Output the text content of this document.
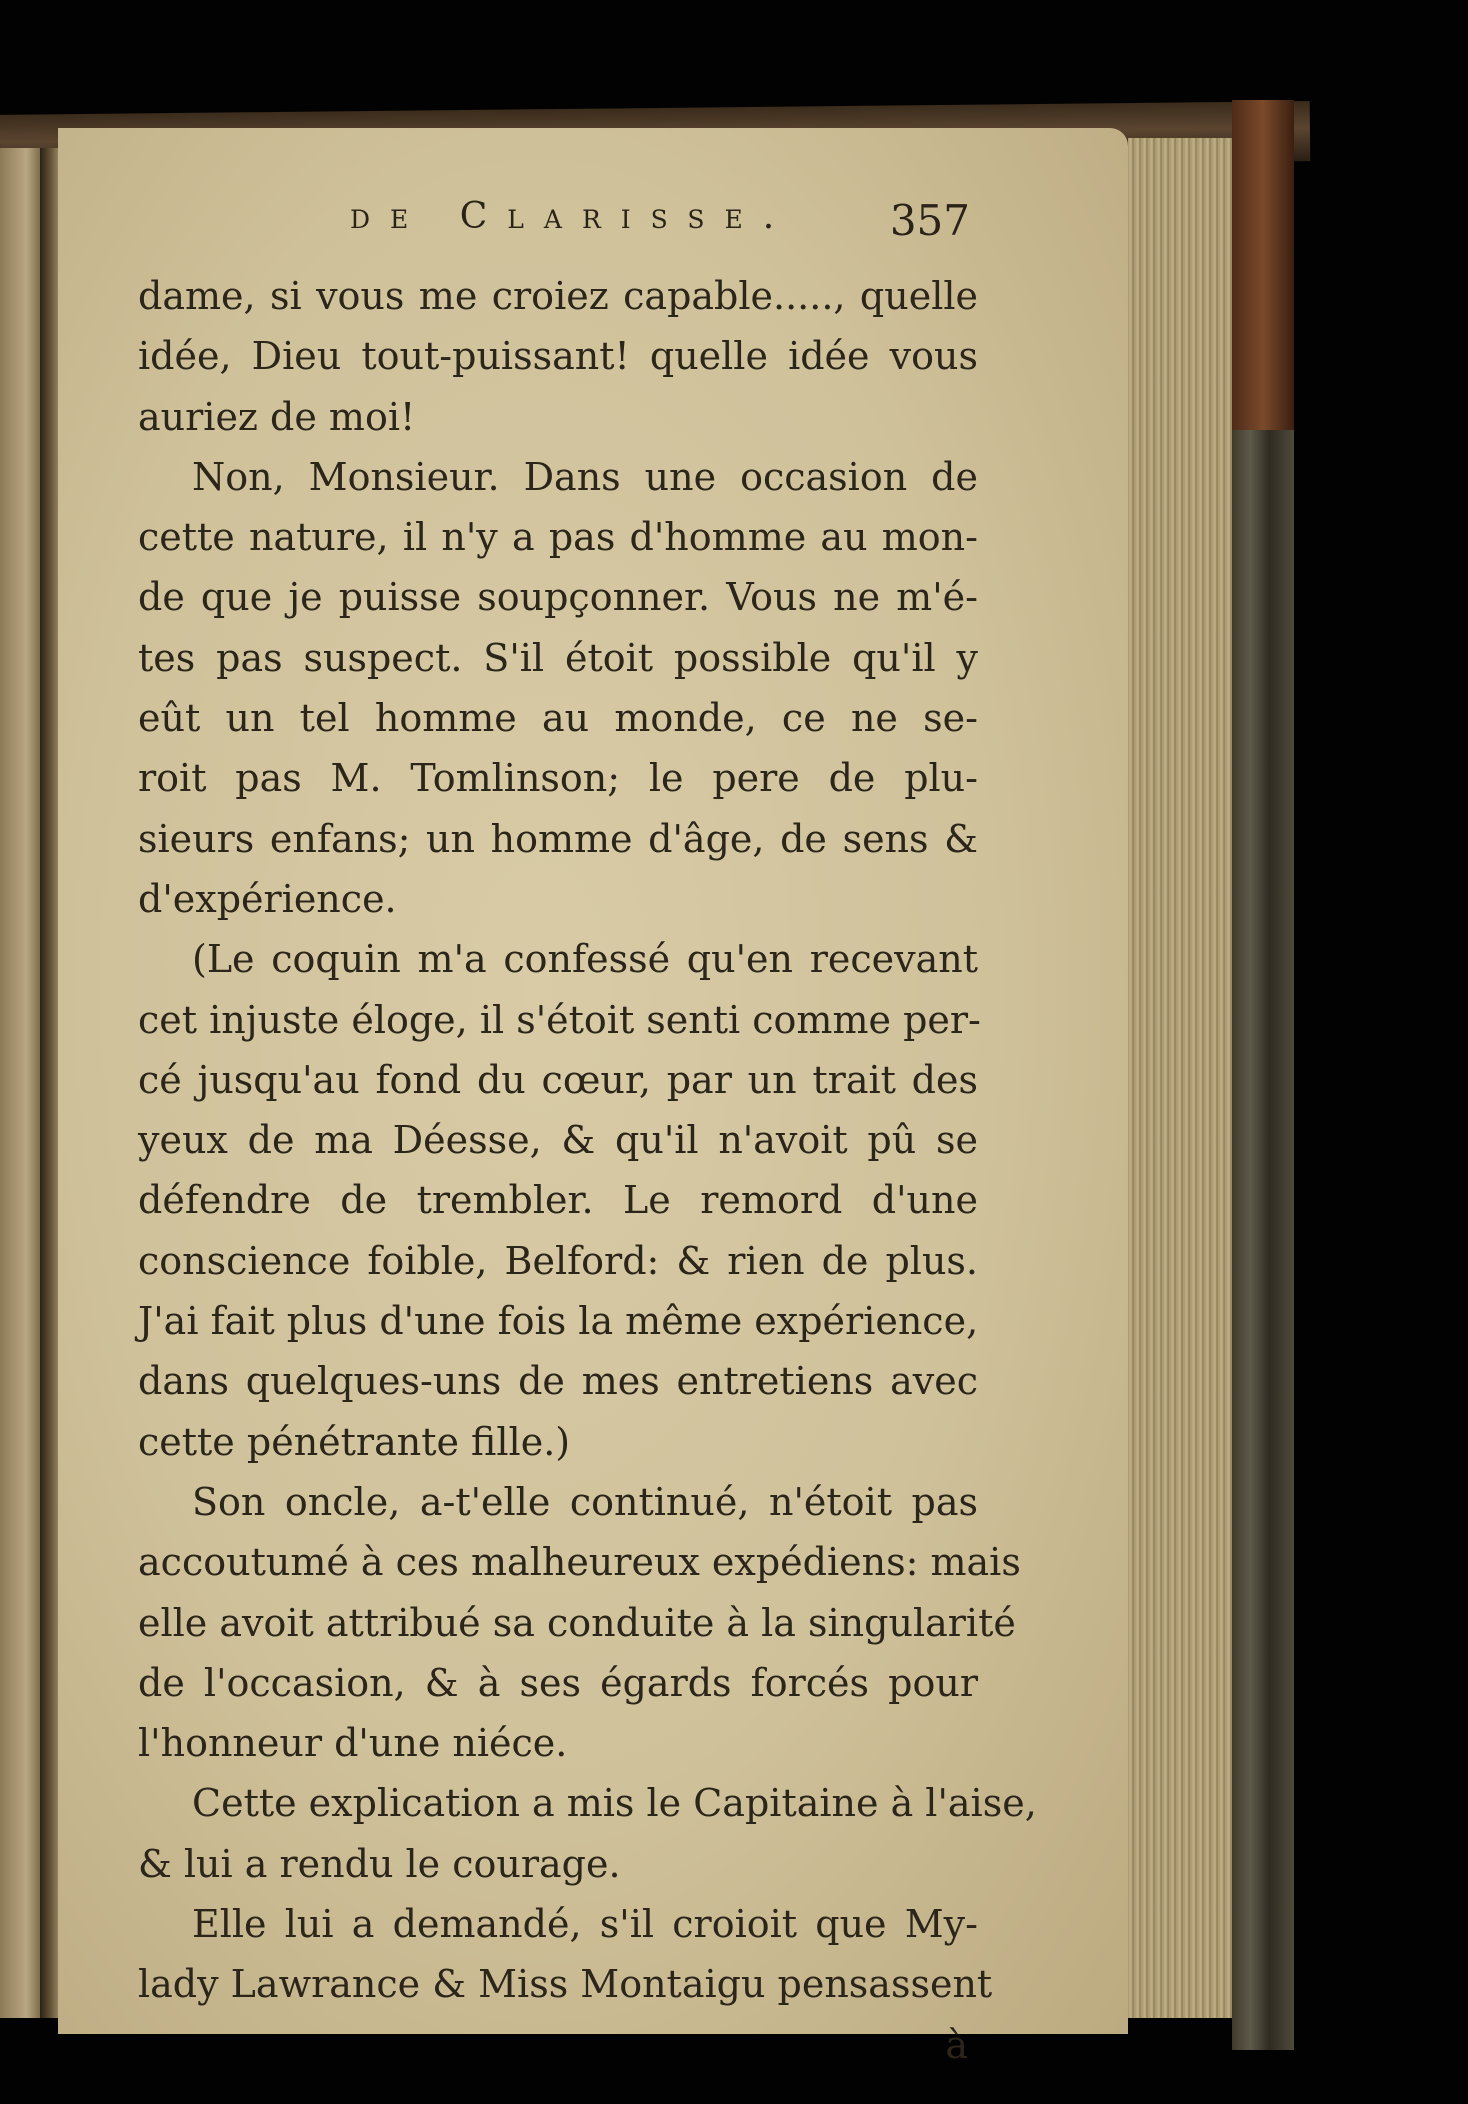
de Clarisse. 357
dame, si vous me croiez capable....., quelle
idée, Dieu tout-puissant! quelle idée vous
auriez de moi!
Non, Monsieur. Dans une occasion de
cette nature, il n'y a pas d'homme au mon-
de que je puisse soupçonner. Vous ne m'é-
tes pas suspect. S'il étoit possible qu'il y
eût un tel homme au monde, ce ne se-
roit pas M. Tomlinson; le pere de plu-
sieurs enfans; un homme d'âge, de sens &
d'expérience.
(Le coquin m'a confessé qu'en recevant
cet injuste éloge, il s'étoit senti comme per-
cé jusqu'au fond du cœur, par un trait des
yeux de ma Déesse, & qu'il n'avoit pû se
défendre de trembler. Le remord d'une
conscience foible, Belford: & rien de plus.
J'ai fait plus d'une fois la même expérience,
dans quelques-uns de mes entretiens avec
cette pénétrante fille.)
Son oncle, a-t'elle continué, n'étoit pas
accoutumé à ces malheureux expédiens: mais
elle avoit attribué sa conduite à la singularité
de l'occasion, & à ses égards forcés pour
l'honneur d'une niéce.
Cette explication a mis le Capitaine à l'aise,
& lui a rendu le courage.
Elle lui a demandé, s'il croioit que My-
lady Lawrance & Miss Montaigu pensassent
à
